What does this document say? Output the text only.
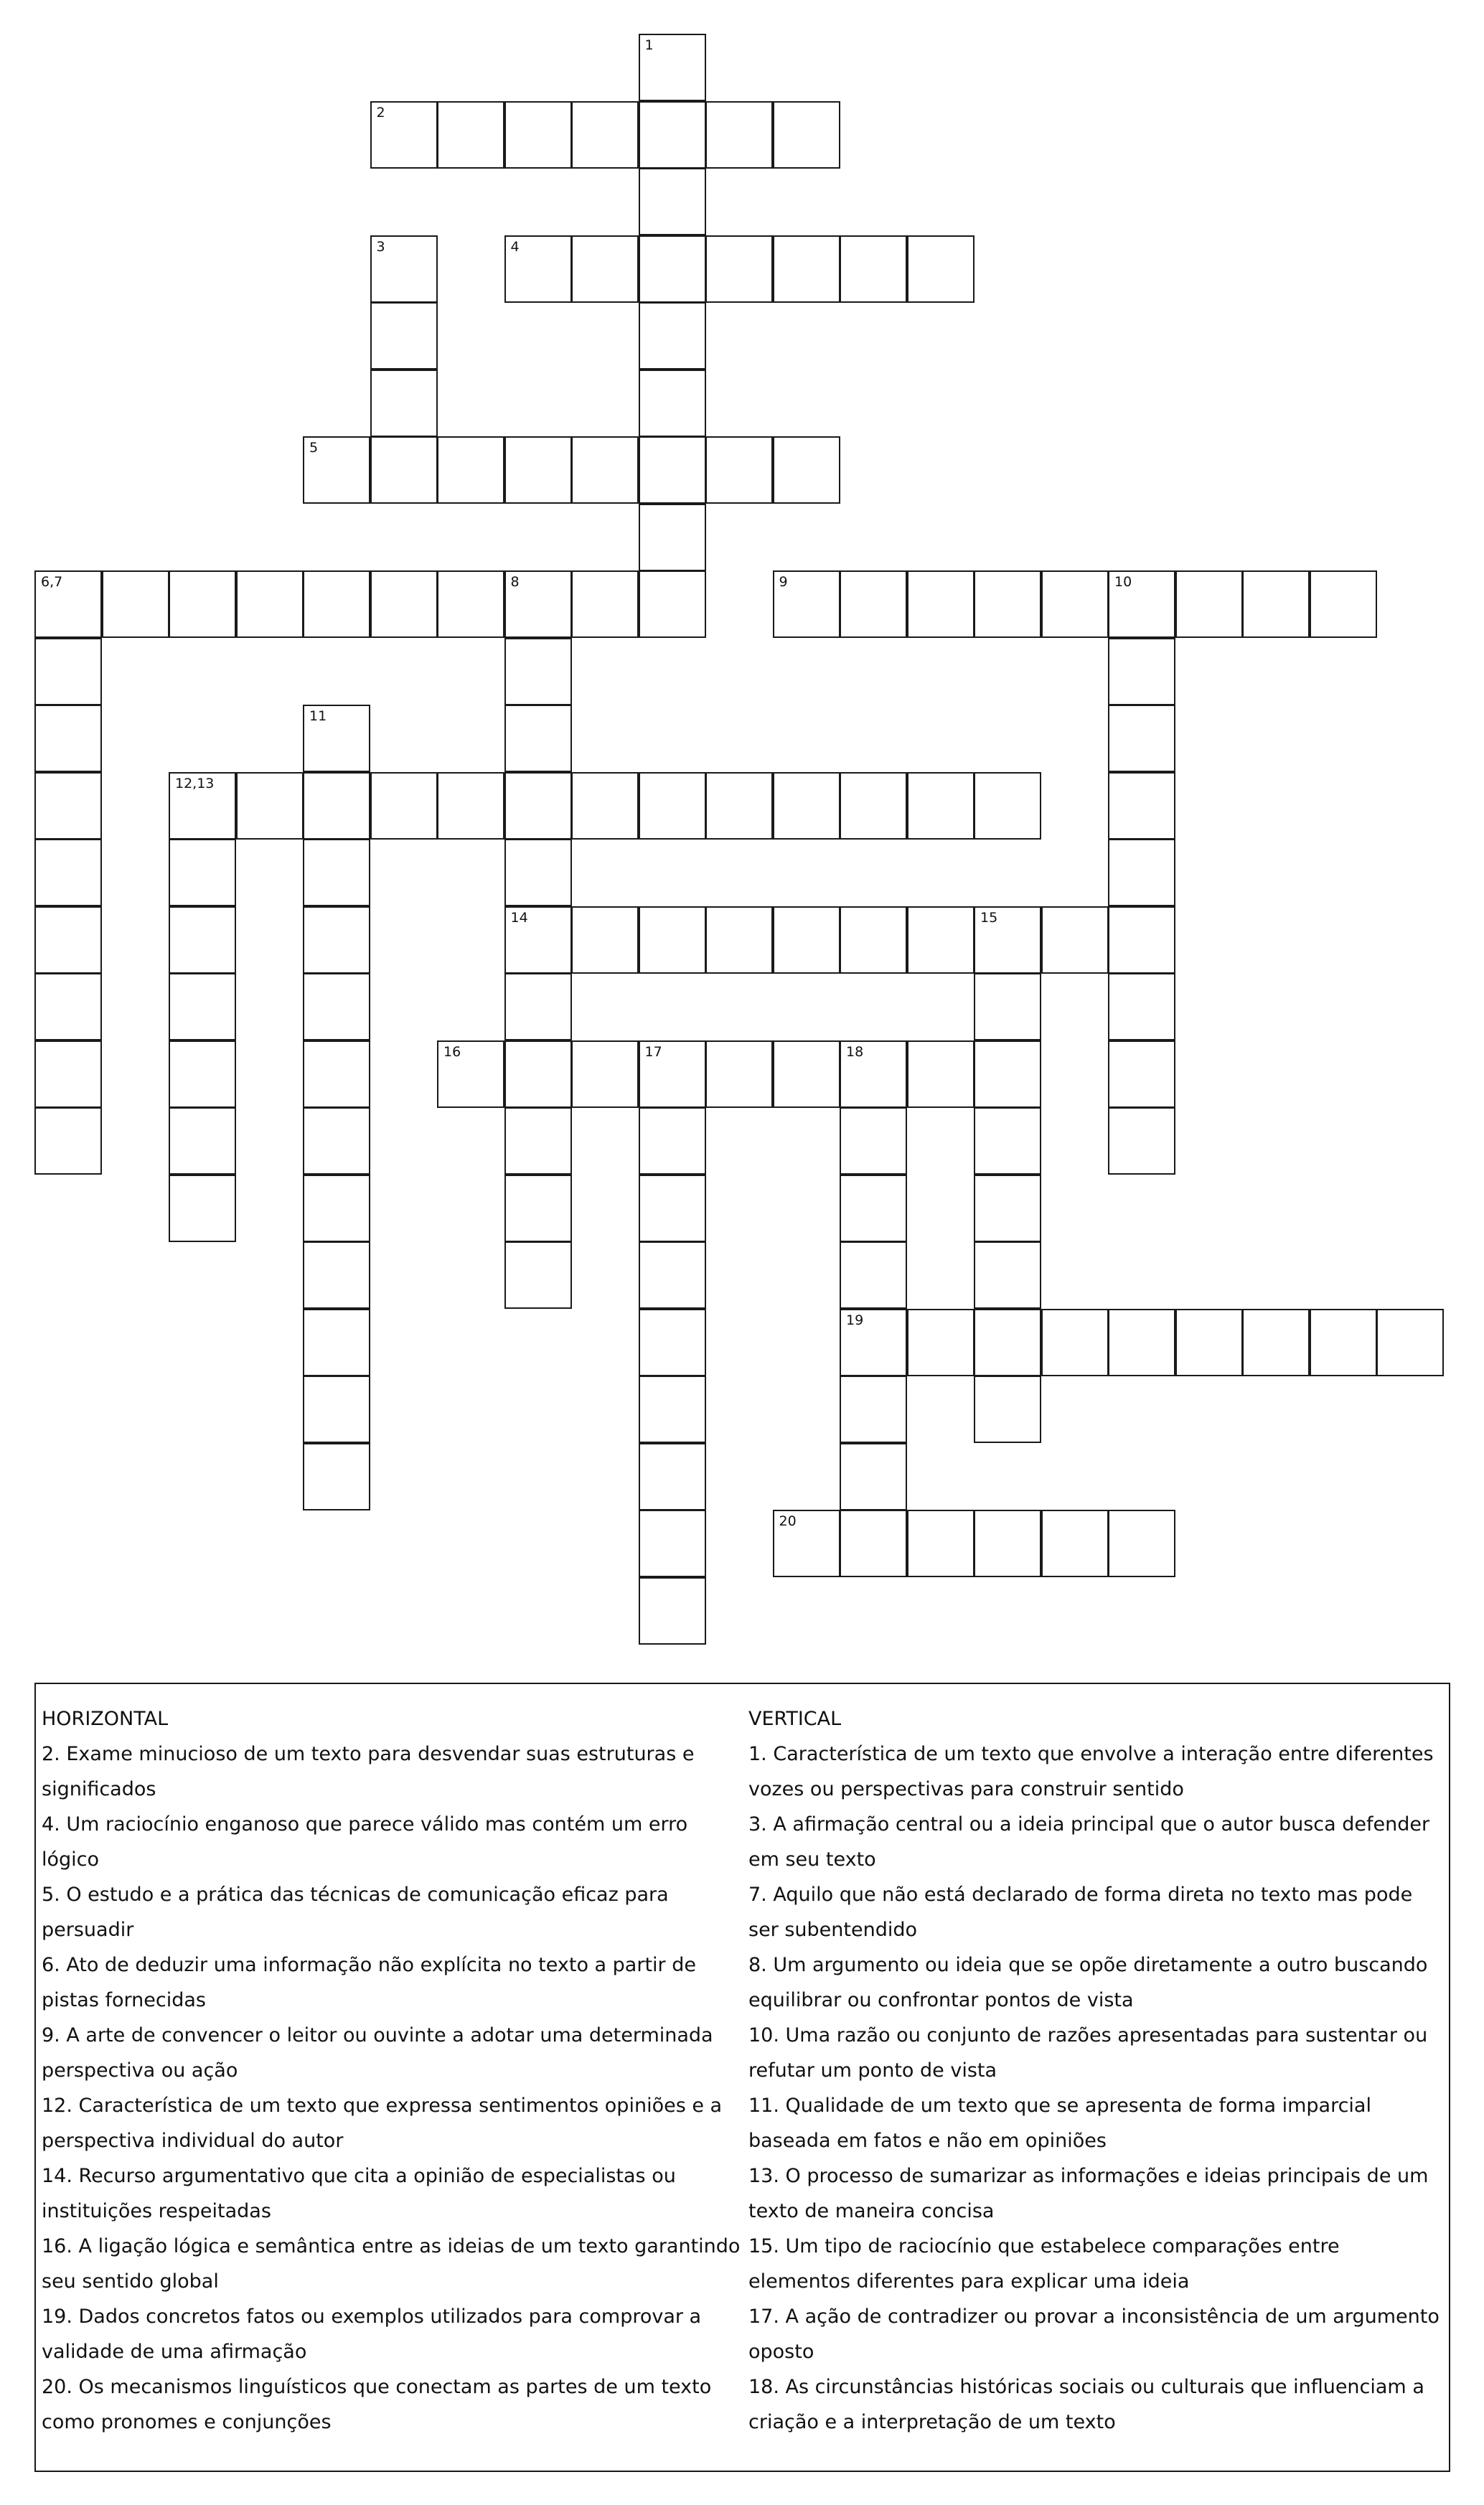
1
2
3	4
5
6,7	8	9	10
11
12,13
14	15
16	17	18
19
20
HORIZONTAL
2. Exame minucioso de um texto para desvendar suas estruturas e significados
4. Um raciocínio enganoso que parece válido mas contém um erro lógico
5. O estudo e a prática das técnicas de comunicação eficaz para persuadir
6. Ato de deduzir uma informação não explícita no texto a partir de pistas fornecidas
9. A arte de convencer o leitor ou ouvinte a adotar uma determinada perspectiva ou ação
12. Característica de um texto que expressa sentimentos opiniões e a perspectiva individual do autor
14. Recurso argumentativo que cita a opinião de especialistas ou instituições respeitadas
16. A ligação lógica e semântica entre as ideias de um texto garantindo seu sentido global
19. Dados concretos fatos ou exemplos utilizados para comprovar a validade de uma afirmação
20. Os mecanismos linguísticos que conectam as partes de um texto como pronomes e conjunções
VERTICAL
1. Característica de um texto que envolve a interação entre diferentes vozes ou perspectivas para construir sentido
3. A afirmação central ou a ideia principal que o autor busca defender em seu texto
7. Aquilo que não está declarado de forma direta no texto mas pode ser subentendido
8. Um argumento ou ideia que se opõe diretamente a outro buscando equilibrar ou confrontar pontos de vista
10. Uma razão ou conjunto de razões apresentadas para sustentar ou refutar um ponto de vista
11. Qualidade de um texto que se apresenta de forma imparcial baseada em fatos e não em opiniões
13. O processo de sumarizar as informações e ideias principais de um texto de maneira concisa
15. Um tipo de raciocínio que estabelece comparações entre elementos diferentes para explicar uma ideia
17. A ação de contradizer ou provar a inconsistência de um argumento oposto
18. As circunstâncias históricas sociais ou culturais que influenciam a criação e a interpretação de um texto
